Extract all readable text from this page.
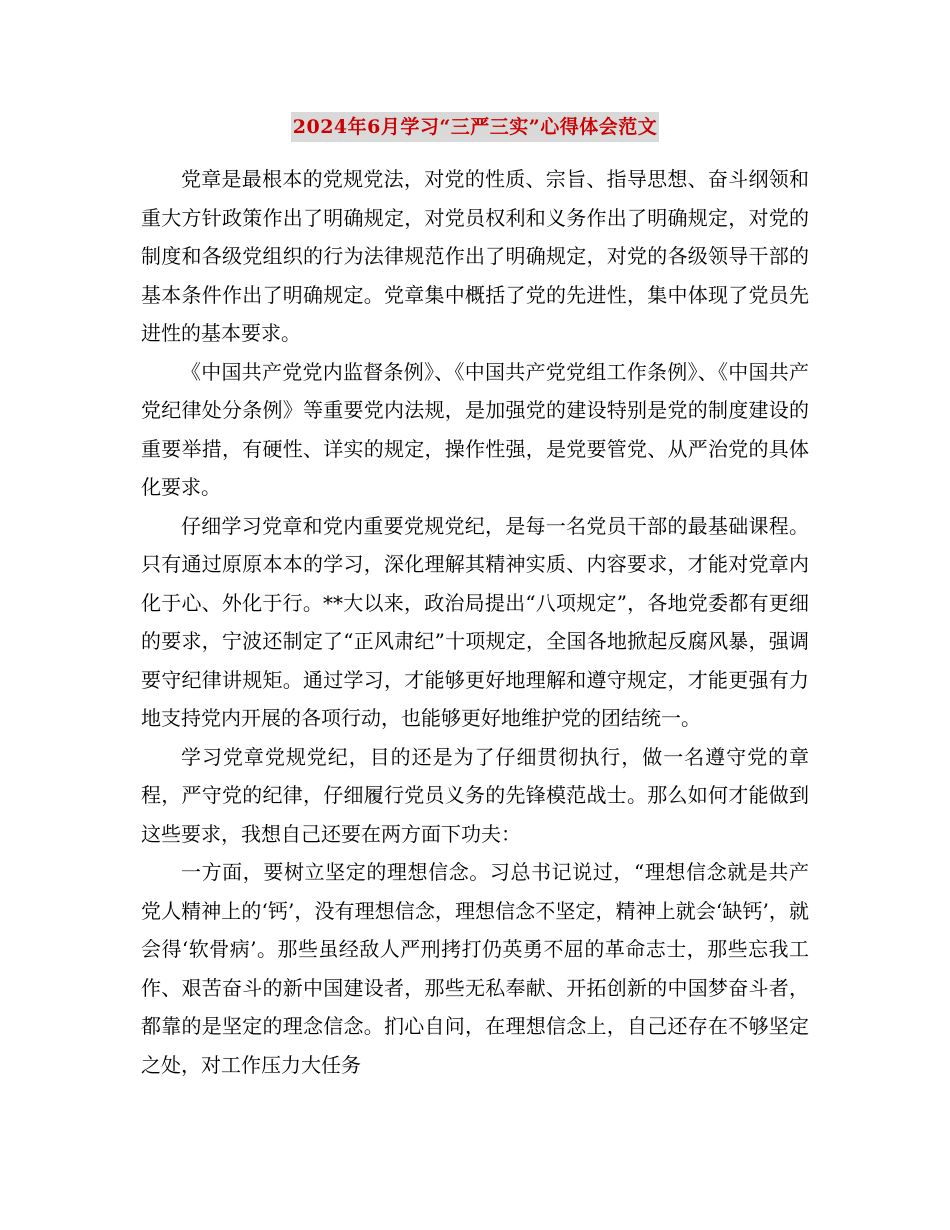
2024年6月学习“三严三实”心得体会范文

党章是最根本的党规党法，对党的性质、宗旨、指导思想、奋斗纲领和重大方针政策作出了明确规定，对党员权利和义务作出了明确规定，对党的制度和各级党组织的行为法律规范作出了明确规定，对党的各级领导干部的基本条件作出了明确规定。党章集中概括了党的先进性，集中体现了党员先进性的基本要求。

《中国共产党党内监督条例》、《中国共产党党组工作条例》、《中国共产党纪律处分条例》等重要党内法规，是加强党的建设特别是党的制度建设的重要举措，有硬性、详实的规定，操作性强，是党要管党、从严治党的具体化要求。

仔细学习党章和党内重要党规党纪，是每一名党员干部的最基础课程。只有通过原原本本的学习，深化理解其精神实质、内容要求，才能对党章内化于心、外化于行。**大以来，政治局提出“八项规定”，各地党委都有更细的要求，宁波还制定了“正风肃纪”十项规定，全国各地掀起反腐风暴，强调要守纪律讲规矩。通过学习，才能够更好地理解和遵守规定，才能更强有力地支持党内开展的各项行动，也能够更好地维护党的团结统一。

学习党章党规党纪，目的还是为了仔细贯彻执行，做一名遵守党的章程，严守党的纪律，仔细履行党员义务的先锋模范战士。那么如何才能做到这些要求，我想自己还要在两方面下功夫：

一方面，要树立坚定的理想信念。习总书记说过，“理想信念就是共产党人精神上的‘钙’，没有理想信念，理想信念不坚定，精神上就会‘缺钙’，就会得‘软骨病’。那些虽经敌人严刑拷打仍英勇不屈的革命志士，那些忘我工作、艰苦奋斗的新中国建设者，那些无私奉献、开拓创新的中国梦奋斗者，都靠的是坚定的理念信念。扪心自问，在理想信念上，自己还存在不够坚定之处，对工作压力大任务
